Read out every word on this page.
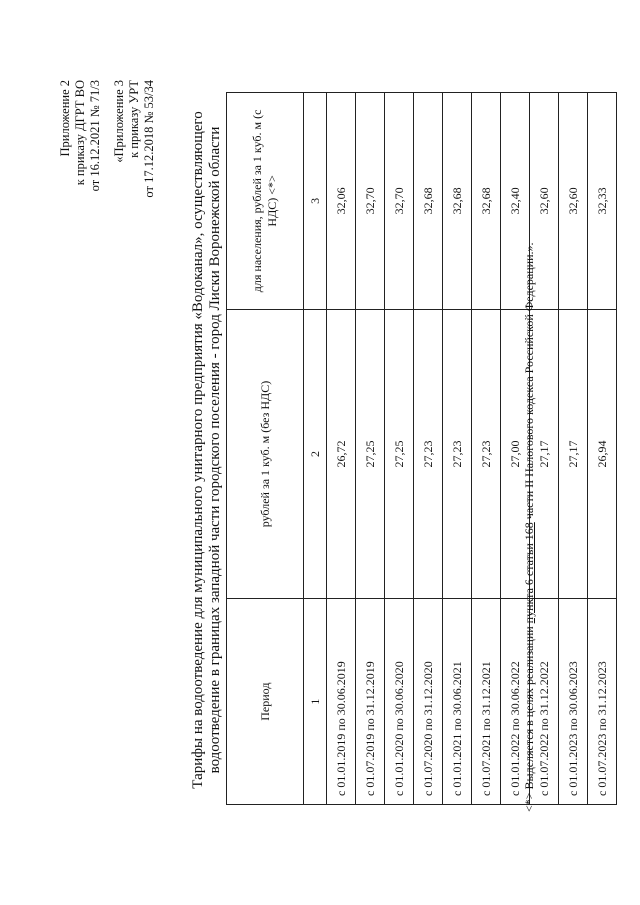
Приложение 2 к приказу ДГРТ ВО от 16.12.2021 № 71/3 «Приложение 3 к приказу УРТ от 17.12.2018 № 53/34 Тарифы на водоотведение для муниципального унитарного предприятия «Водоканал», осуществляющего водоотведение в границах западной части городского поселения - город Лиски Воронежской области	Период	рублей за 1 куб. м (без НДС)	для населения, рублей за 1 куб. м (с НДС) <*>
1	2	3
с 01.01.2019 по 30.06.2019	26,72	32,06
с 01.07.2019 по 31.12.2019	27,25	32,70
с 01.01.2020 по 30.06.2020	27,25	32,70
с 01.07.2020 по 31.12.2020	27,23	32,68
с 01.01.2021 по 30.06.2021	27,23	32,68
с 01.07.2021 по 31.12.2021	27,23	32,68
с 01.01.2022 по 30.06.2022	27,00	32,40
с 01.07.2022 по 31.12.2022	27,17	32,60
с 01.01.2023 по 30.06.2023	27,17	32,60
с 01.07.2023 по 31.12.2023	26,94	32,33
<*> Выделяется в целях реализации пункта 6 статьи 168 части II Налогового кодекса Российской Федерации.».
